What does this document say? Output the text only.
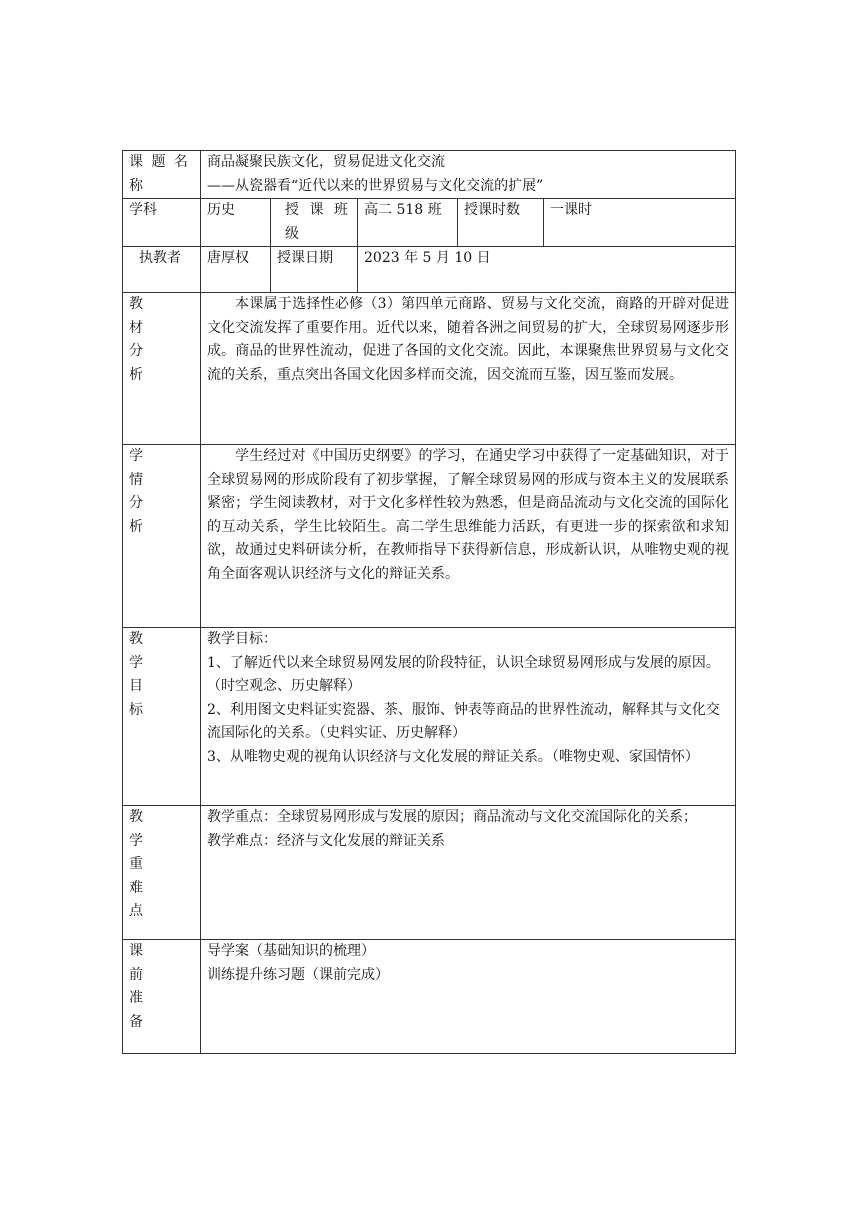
课 题 名称	商品凝聚民族文化，贸易促进文化交流
——从瓷器看“近代以来的世界贸易与文化交流的扩展”				

学科	历史	授 课 班级	高二 518 班	授课时数	一课时
执教者	唐厚权	授课日期	2023 年 5 月 10 日		

教
材
分
析	本课属于选择性必修（3）第四单元商路、贸易与文化交流，商路的开辟对促进文化交流发挥了重要作用。近代以来，随着各洲之间贸易的扩大，全球贸易网逐步形成。商品的世界性流动，促进了各国的文化交流。因此，本课聚焦世界贸易与文化交流的关系，重点突出各国文化因多样而交流，因交流而互鉴，因互鉴而发展。				

学
情
分
析	学生经过对《中国历史纲要》的学习，在通史学习中获得了一定基础知识，对于全球贸易网的形成阶段有了初步掌握，了解全球贸易网的形成与资本主义的发展联系紧密；学生阅读教材，对于文化多样性较为熟悉，但是商品流动与文化交流的国际化的互动关系，学生比较陌生。高二学生思维能力活跃，有更进一步的探索欲和求知欲，故通过史料研读分析，在教师指导下获得新信息，形成新认识，从唯物史观的视角全面客观认识经济与文化的辩证关系。				

教
学
目
标	教学目标：
1、了解近代以来全球贸易网发展的阶段特征，认识全球贸易网形成与发展的原因。（时空观念、历史解释）
2、利用图文史料证实瓷器、茶、服饰、钟表等商品的世界性流动，解释其与文化交流国际化的关系。（史料实证、历史解释）
3、从唯物史观的视角认识经济与文化发展的辩证关系。（唯物史观、家国情怀）				

教
学
重
难
点	教学重点：全球贸易网形成与发展的原因；商品流动与文化交流国际化的关系；
教学难点：经济与文化发展的辩证关系				

课
前
准
备	导学案（基础知识的梳理）
训练提升练习题（课前完成）				
